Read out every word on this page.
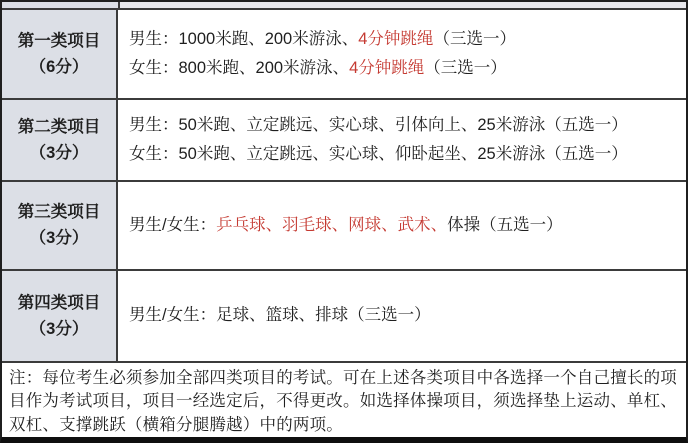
第一类项目
（6分）
男生：1000米跑、200米游泳、4分钟跳绳（三选一）
女生：800米跑、200米游泳、4分钟跳绳（三选一）
第二类项目
（3分）
男生：50米跑、立定跳远、实心球、引体向上、25米游泳（五选一）
女生：50米跑、立定跳远、实心球、仰卧起坐、25米游泳（五选一）
第三类项目
（3分）
男生/女生：乒乓球、羽毛球、网球、武术、体操（五选一）
第四类项目
（3分）
男生/女生：足球、篮球、排球（三选一）
注：每位考生必须参加全部四类项目的考试。可在上述各类项目中各选择一个自己擅长的项目作为考试项目，项目一经选定后，不得更改。如选择体操项目，须选择垫上运动、单杠、双杠、支撑跳跃（横箱分腿腾越）中的两项。
